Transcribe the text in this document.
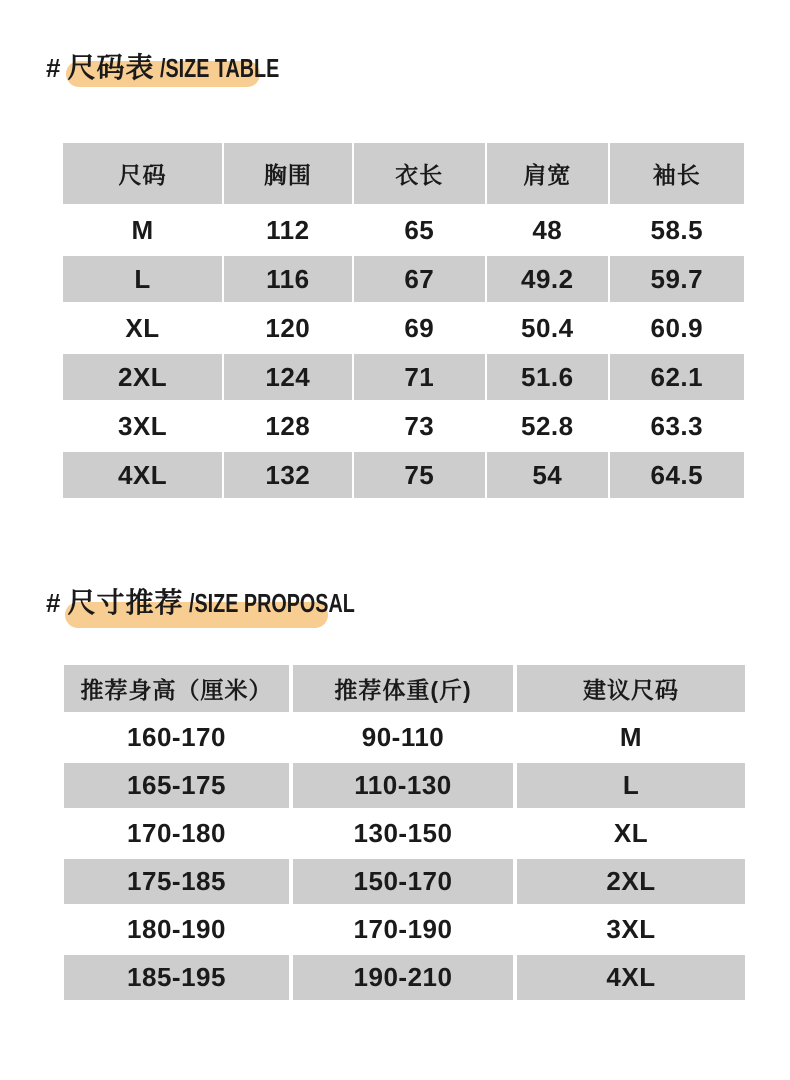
# 尺码表 /SIZE TABLE
尺码	胸围	衣长	肩宽	袖长
M	112	65	48	58.5
L	116	67	49.2	59.7
XL	120	69	50.4	60.9
2XL	124	71	51.6	62.1
3XL	128	73	52.8	63.3
4XL	132	75	54	64.5
# 尺寸推荐 /SIZE PROPOSAL
推荐身高（厘米）	推荐体重(斤)	建议尺码
160-170	90-110	M
165-175	110-130	L
170-180	130-150	XL
175-185	150-170	2XL
180-190	170-190	3XL
185-195	190-210	4XL
